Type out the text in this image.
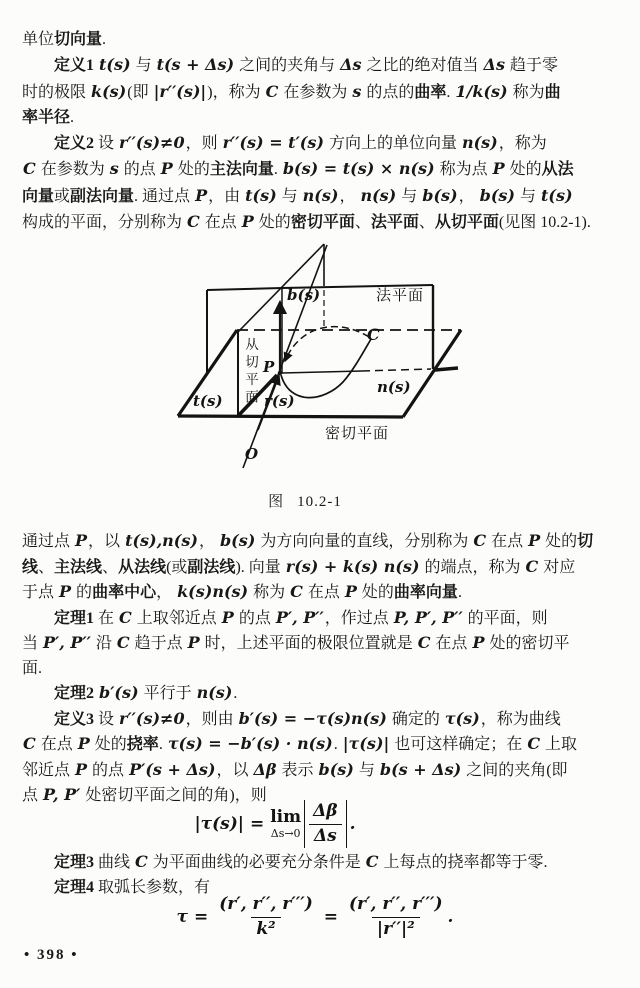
单位切向量.
定义1 t(s) 与 t(s + Δs) 之间的夹角与 Δs 之比的绝对值当 Δs 趋于零
时的极限 k(s)(即 |r′′(s)|)，称为 C 在参数为 s 的点的曲率. 1/k(s) 称为曲
率半径.
定义2 设 r′′(s)≠0，则 r′′(s) = t′(s) 方向上的单位向量 n(s)，称为
C 在参数为 s 的点 P 处的主法向量. b(s) = t(s) × n(s) 称为点 P 处的从法
向量或副法向量. 通过点 P，由 t(s) 与 n(s)， n(s) 与 b(s)， b(s) 与 t(s)
构成的平面，分别称为 C 在点 P 处的密切平面、法平面、从切平面(见图 10.2-1).
b(s)	法平面
C
n(s)
P
r(s)
t(s)
O
密切平面
从切平面
图 10.2-1
通过点 P，以 t(s),n(s)， b(s) 为方向向量的直线，分别称为 C 在点 P 处的切
线、主法线、从法线(或副法线). 向量 r(s) + k(s) n(s) 的端点，称为 C 对应
于点 P 的曲率中心， k(s)n(s) 称为 C 在点 P 处的曲率向量.
定理1 在 C 上取邻近点 P 的点 P′, P′′，作过点 P, P′, P′′ 的平面，则
当 P′, P′′ 沿 C 趋于点 P 时，上述平面的极限位置就是 C 在点 P 处的密切平
面.
定理2 b′(s) 平行于 n(s).
定义3 设 r′′(s)≠0，则由 b′(s) = −τ(s)n(s) 确定的 τ(s)，称为曲线
C 在点 P 处的挠率. τ(s) = −b′(s) · n(s). |τ(s)| 也可这样确定；在 C 上取
邻近点 P 的点 P′(s + Δs)，以 Δβ 表示 b(s) 与 b(s + Δs) 之间的夹角(即
点 P, P′ 处密切平面之间的角)，则
|τ(s)| = lim
$\Delta s\to 0 \frac{\Delta\beta}{\Delta s}$ .
定理3 曲线 C 为平面曲线的必要充分条件是 C 上每点的挠率都等于零.
定理4 取弧长参数，有
$\tau = \frac{(r', r'', r''')}{\text{k²}} = \frac{(r', r'', r''')}{\text{|r′′|²}}$ .
• 398 •
